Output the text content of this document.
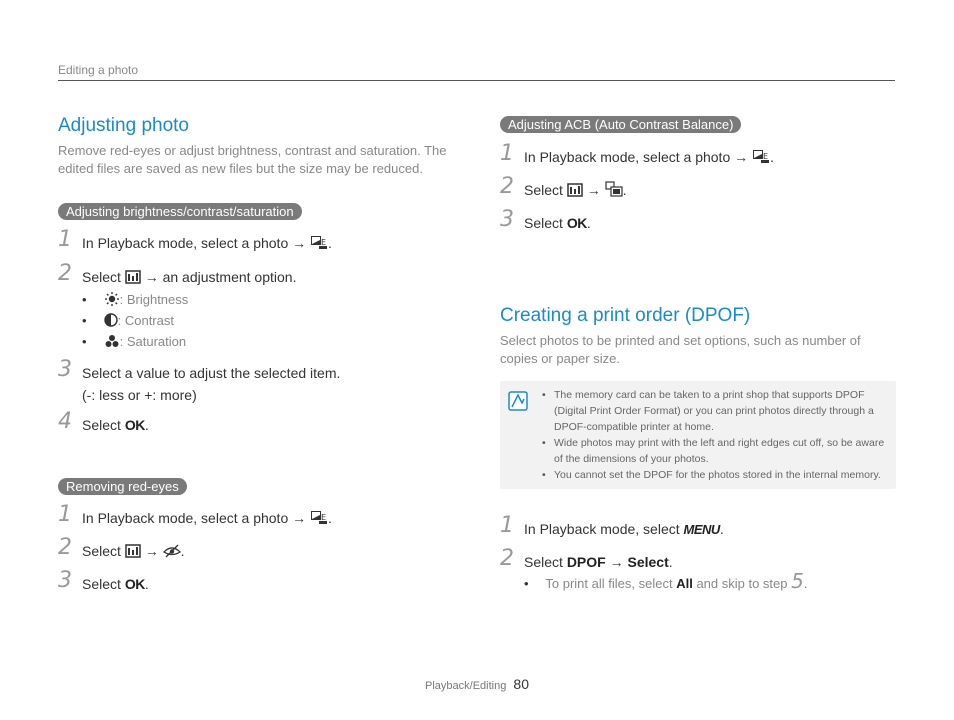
Editing a photo
Adjusting photo

Remove red-eyes or adjust brightness, contrast and saturation. The edited files are saved as new files but the size may be reduced.

Adjusting brightness/contrast/saturation
1 In Playback mode, select a photo → E .
2 Select → an adjustment option.
•	: Brightness
• : Contrast
•	: Saturation
3 Select a value to adjust the selected item.
(-: less or +: more)
4 Select OK.
Removing red-eyes
1 In Playback mode, select a photo → E .
2 Select → .
3 Select OK.
Adjusting ACB (Auto Contrast Balance)
1 In Playback mode, select a photo → E .
2 Select → .
3 Select OK.
Creating a print order (DPOF)

Select photos to be printed and set options, such as number of copies or paper size.

• The memory card can be taken to a print shop that supports DPOF (Digital Print Order Format) or you can print photos directly through a DPOF-compatible printer at home.
• Wide photos may print with the left and right edges cut off, so be aware of the dimensions of your photos.
• You cannot set the DPOF for the photos stored in the internal memory.
1 In Playback mode, select MENU.
2 Select DPOF → Select.
• To print all files, select All and skip to step 5.
Playback/Editing 80
